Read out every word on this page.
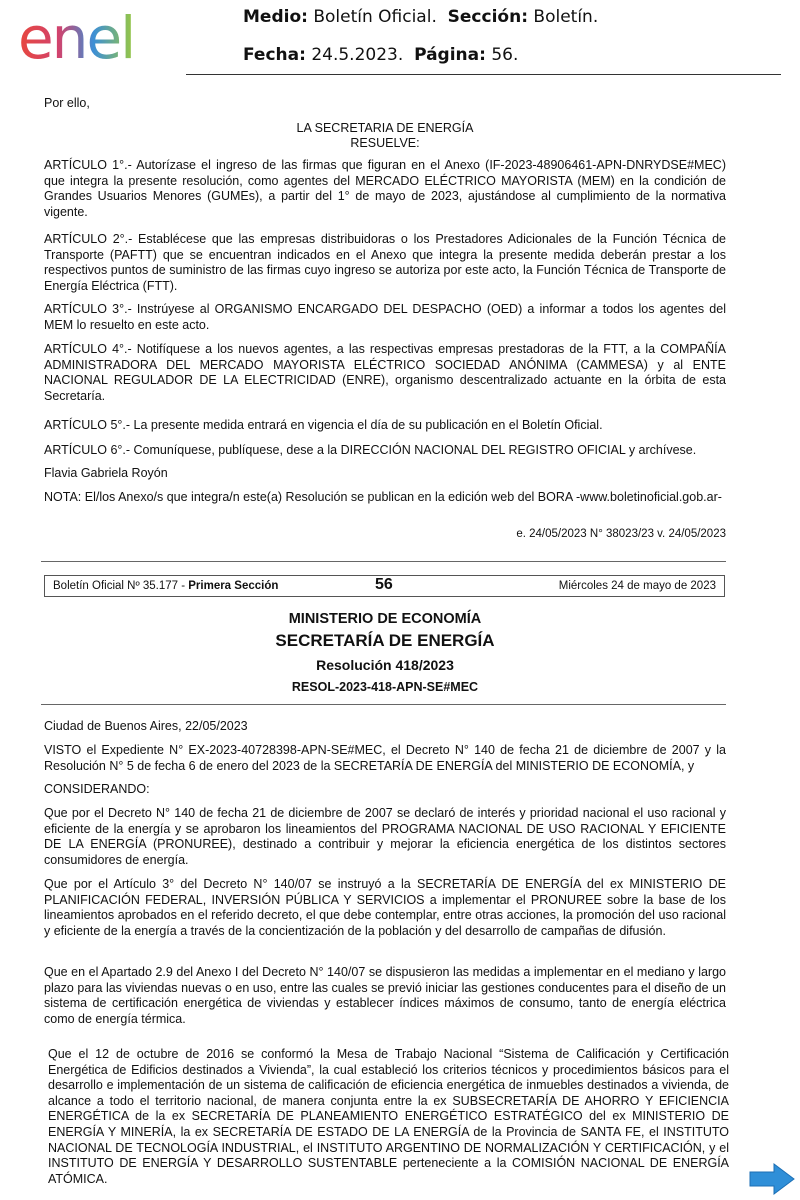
enel	Medio: Boletín Oficial. Sección: Boletín.
Fecha: 24.5.2023. Página: 56.
Por ello,
LA SECRETARIA DE ENERGÍA
RESUELVE:
ARTÍCULO 1°.- Autorízase el ingreso de las firmas que figuran en el Anexo (IF-2023-48906461-APN-DNRYDSE#MEC) que integra la presente resolución, como agentes del MERCADO ELÉCTRICO MAYORISTA (MEM) en la condición de Grandes Usuarios Menores (GUMEs), a partir del 1° de mayo de 2023, ajustándose al cumplimiento de la normativa vigente.
ARTÍCULO 2°.- Establécese que las empresas distribuidoras o los Prestadores Adicionales de la Función Técnica de Transporte (PAFTT) que se encuentran indicados en el Anexo que integra la presente medida deberán prestar a los respectivos puntos de suministro de las firmas cuyo ingreso se autoriza por este acto, la Función Técnica de Transporte de Energía Eléctrica (FTT).
ARTÍCULO 3°.- Instrúyese al ORGANISMO ENCARGADO DEL DESPACHO (OED) a informar a todos los agentes del MEM lo resuelto en este acto.
ARTÍCULO 4°.- Notifíquese a los nuevos agentes, a las respectivas empresas prestadoras de la FTT, a la COMPAÑÍA ADMINISTRADORA DEL MERCADO MAYORISTA ELÉCTRICO SOCIEDAD ANÓNIMA (CAMMESA) y al ENTE NACIONAL REGULADOR DE LA ELECTRICIDAD (ENRE), organismo descentralizado actuante en la órbita de esta Secretaría.
ARTÍCULO 5°.- La presente medida entrará en vigencia el día de su publicación en el Boletín Oficial.
ARTÍCULO 6°.- Comuníquese, publíquese, dese a la DIRECCIÓN NACIONAL DEL REGISTRO OFICIAL y archívese.
Flavia Gabriela Royón
NOTA: El/los Anexo/s que integra/n este(a) Resolución se publican en la edición web del BORA -www.boletinoficial.gob.ar-
e. 24/05/2023 N° 38023/23 v. 24/05/2023
Boletín Oficial Nº 35.177 - Primera Sección	56	Miércoles 24 de mayo de 2023
MINISTERIO DE ECONOMÍA
SECRETARÍA DE ENERGÍA
Resolución 418/2023
RESOL-2023-418-APN-SE#MEC
Ciudad de Buenos Aires, 22/05/2023
VISTO el Expediente N° EX-2023-40728398-APN-SE#MEC, el Decreto N° 140 de fecha 21 de diciembre de 2007 y la Resolución N° 5 de fecha 6 de enero del 2023 de la SECRETARÍA DE ENERGÍA del MINISTERIO DE ECONOMÍA, y
CONSIDERANDO:
Que por el Decreto N° 140 de fecha 21 de diciembre de 2007 se declaró de interés y prioridad nacional el uso racional y eficiente de la energía y se aprobaron los lineamientos del PROGRAMA NACIONAL DE USO RACIONAL Y EFICIENTE DE LA ENERGÍA (PRONUREE), destinado a contribuir y mejorar la eficiencia energética de los distintos sectores consumidores de energía.
Que por el Artículo 3° del Decreto N° 140/07 se instruyó a la SECRETARÍA DE ENERGÍA del ex MINISTERIO DE PLANIFICACIÓN FEDERAL, INVERSIÓN PÚBLICA Y SERVICIOS a implementar el PRONUREE sobre la base de los lineamientos aprobados en el referido decreto, el que debe contemplar, entre otras acciones, la promoción del uso racional y eficiente de la energía a través de la concientización de la población y del desarrollo de campañas de difusión.
Que en el Apartado 2.9 del Anexo I del Decreto N° 140/07 se dispusieron las medidas a implementar en el mediano y largo plazo para las viviendas nuevas o en uso, entre las cuales se previó iniciar las gestiones conducentes para el diseño de un sistema de certificación energética de viviendas y establecer índices máximos de consumo, tanto de energía eléctrica como de energía térmica.
Que el 12 de octubre de 2016 se conformó la Mesa de Trabajo Nacional “Sistema de Calificación y Certificación Energética de Edificios destinados a Vivienda”, la cual estableció los criterios técnicos y procedimientos básicos para el desarrollo e implementación de un sistema de calificación de eficiencia energética de inmuebles destinados a vivienda, de alcance a todo el territorio nacional, de manera conjunta entre la ex SUBSECRETARÍA DE AHORRO Y EFICIENCIA ENERGÉTICA de la ex SECRETARÍA DE PLANEAMIENTO ENERGÉTICO ESTRATÉGICO del ex MINISTERIO DE ENERGÍA Y MINERÍA, la ex SECRETARÍA DE ESTADO DE LA ENERGÍA de la Provincia de SANTA FE, el INSTITUTO NACIONAL DE TECNOLOGÍA INDUSTRIAL, el INSTITUTO ARGENTINO DE NORMALIZACIÓN Y CERTIFICACIÓN, y el INSTITUTO DE ENERGÍA Y DESARROLLO SUSTENTABLE perteneciente a la COMISIÓN NACIONAL DE ENERGÍA ATÓMICA.
